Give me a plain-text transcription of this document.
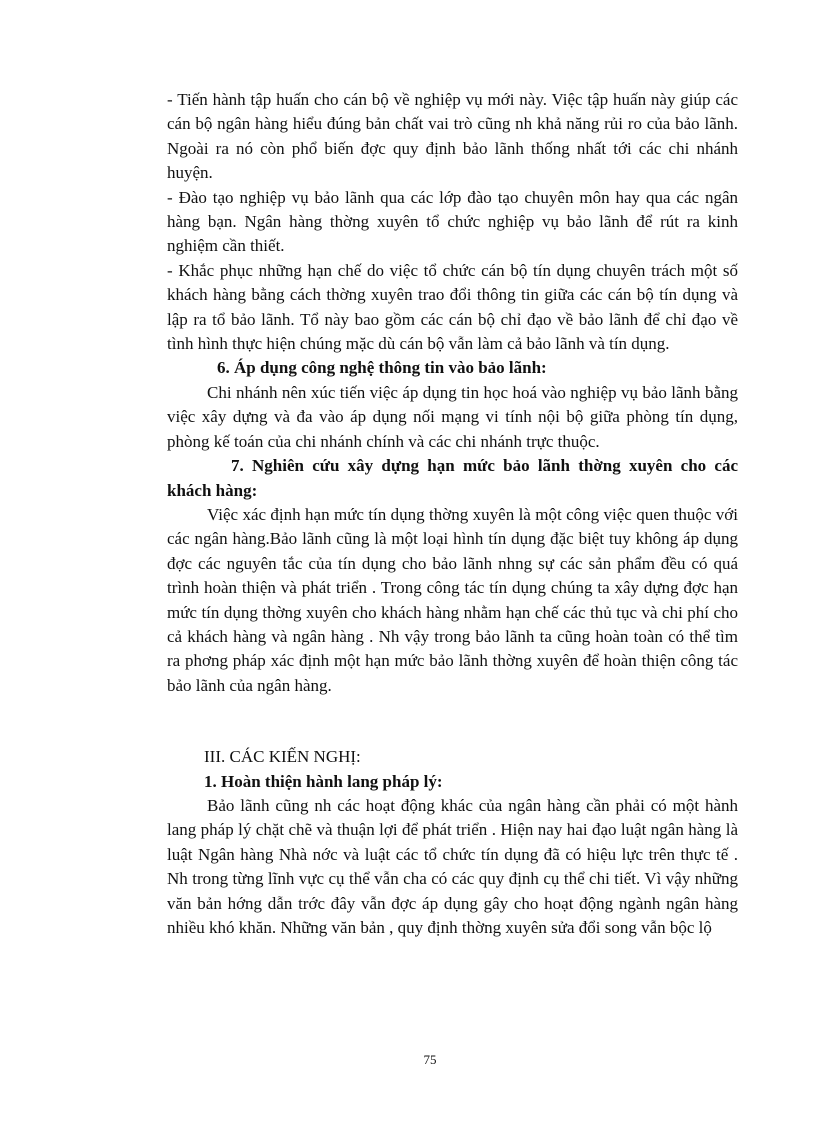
- Tiến hành tập huấn cho cán bộ về nghiệp vụ mới này. Việc tập huấn này giúp các cán bộ ngân hàng hiểu đúng bản chất vai trò cũng nh khả năng rủi ro của bảo lãnh. Ngoài ra nó còn phổ biến đợc quy định bảo lãnh thống nhất tới các chi nhánh huyện.

- Đào tạo nghiệp vụ bảo lãnh qua các lớp đào tạo chuyên môn hay qua các ngân hàng bạn. Ngân hàng thờng xuyên tổ chức nghiệp vụ bảo lãnh để rút ra kinh nghiệm cần thiết.

- Khắc phục những hạn chế do việc tổ chức cán bộ tín dụng chuyên trách một số khách hàng bằng cách thờng xuyên trao đổi thông tin giữa các cán bộ tín dụng và lập ra tổ bảo lãnh. Tổ này bao gồm các cán bộ chỉ đạo về bảo lãnh để chỉ đạo về tình hình thực hiện chúng mặc dù cán bộ vẫn làm cả bảo lãnh và tín dụng.

6. Áp dụng công nghệ thông tin vào bảo lãnh:

Chi nhánh nên xúc tiến việc áp dụng tin học hoá vào nghiệp vụ bảo lãnh bằng việc xây dựng và đa vào áp dụng nối mạng vi tính nội bộ giữa phòng tín dụng, phòng kế toán của chi nhánh chính và các chi nhánh trực thuộc.

7. Nghiên cứu xây dựng hạn mức bảo lãnh thờng xuyên cho các khách hàng:

Việc xác định hạn mức tín dụng thờng xuyên là một công việc quen thuộc với các ngân hàng.Bảo lãnh cũng là một loại hình tín dụng đặc biệt tuy không áp dụng đợc các nguyên tắc của tín dụng cho bảo lãnh nhng sự các sản phẩm đều có quá trình hoàn thiện và phát triển . Trong công tác tín dụng chúng ta xây dựng đợc hạn mức tín dụng thờng xuyên cho khách hàng nhằm hạn chế các thủ tục và chi phí cho cả khách hàng và ngân hàng . Nh vậy trong bảo lãnh ta cũng hoàn toàn có thể tìm ra phơng pháp xác định một hạn mức bảo lãnh thờng xuyên để hoàn thiện công tác bảo lãnh của ngân hàng.

III. CÁC KIẾN NGHỊ:

1. Hoàn thiện hành lang pháp lý:

Bảo lãnh cũng nh các hoạt động khác của ngân hàng cần phải có một hành lang pháp lý chặt chẽ và thuận lợi để phát triển . Hiện nay hai đạo luật ngân hàng là luật Ngân hàng Nhà nớc và luật các tổ chức tín dụng đã có hiệu lực trên thực tế . Nh trong từng lĩnh vực cụ thể vẫn cha có các quy định cụ thể chi tiết. Vì vậy những văn bản hớng dẫn trớc đây vẫn đợc áp dụng gây cho hoạt động ngành ngân hàng nhiều khó khăn. Những văn bản , quy định thờng xuyên sửa đổi song vẫn bộc lộ

75
